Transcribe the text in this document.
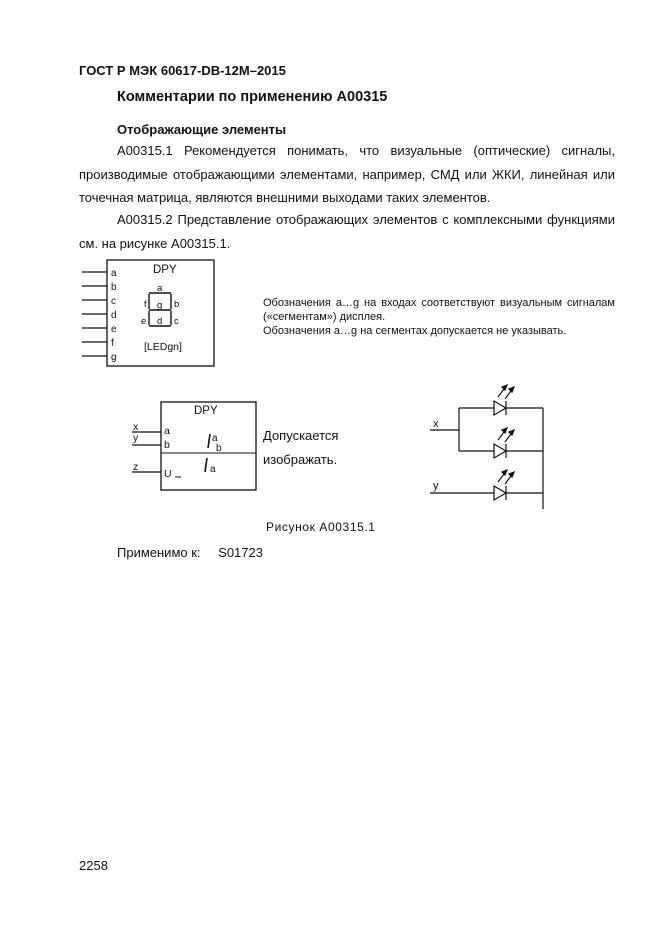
ГОСТ Р МЭК 60617-DB-12M–2015
Комментарии по применению А00315
Отображающие элементы
А00315.1 Рекомендуется понимать, что визуальные (оптические) сигналы, производимые отображающими элементами, например, СМД или ЖКИ, линейная или точечная матрица, являются внешними выходами таких элементов.
А00315.2 Представление отображающих элементов с комплексными функциями см. на рисунке А00315.1.
DPY
a
b
c
d
e
f
g
a
b
c
d
e
f g
[LEDgn]
Обозначения a…g на входах соответствуют визуальным сигналам («сегментам») дисплея.
Обозначения a…g на сегментах допускается не указывать.
x
y
z
DPY
a
b
U
a
b
a
Допускается
изображать.
x
y
Рисунок А00315.1
Применимо к: S01723
2258
